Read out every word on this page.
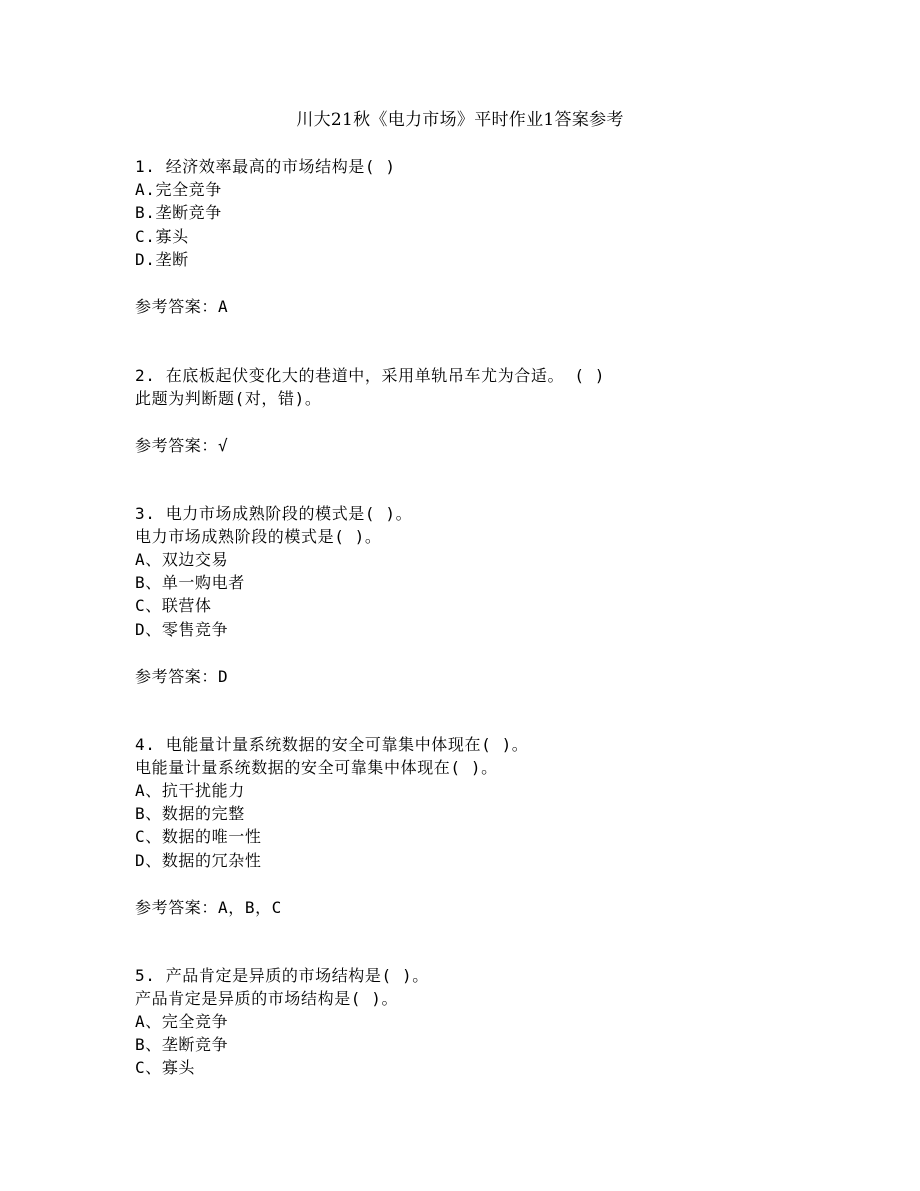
川大21秋《电力市场》平时作业1答案参考
1. 经济效率最高的市场结构是( )
A.完全竞争
B.垄断竞争
C.寡头
D.垄断
参考答案：A
2. 在底板起伏变化大的巷道中，采用单轨吊车尤为合适。 ( )
此题为判断题(对，错)。
参考答案：√
3. 电力市场成熟阶段的模式是( )。
电力市场成熟阶段的模式是( )。
A、双边交易
B、单一购电者
C、联营体
D、零售竞争
参考答案：D
4. 电能量计量系统数据的安全可靠集中体现在( )。
电能量计量系统数据的安全可靠集中体现在( )。
A、抗干扰能力
B、数据的完整
C、数据的唯一性
D、数据的冗杂性
参考答案：A，B，C
5. 产品肯定是异质的市场结构是( )。
产品肯定是异质的市场结构是( )。
A、完全竞争
B、垄断竞争
C、寡头
